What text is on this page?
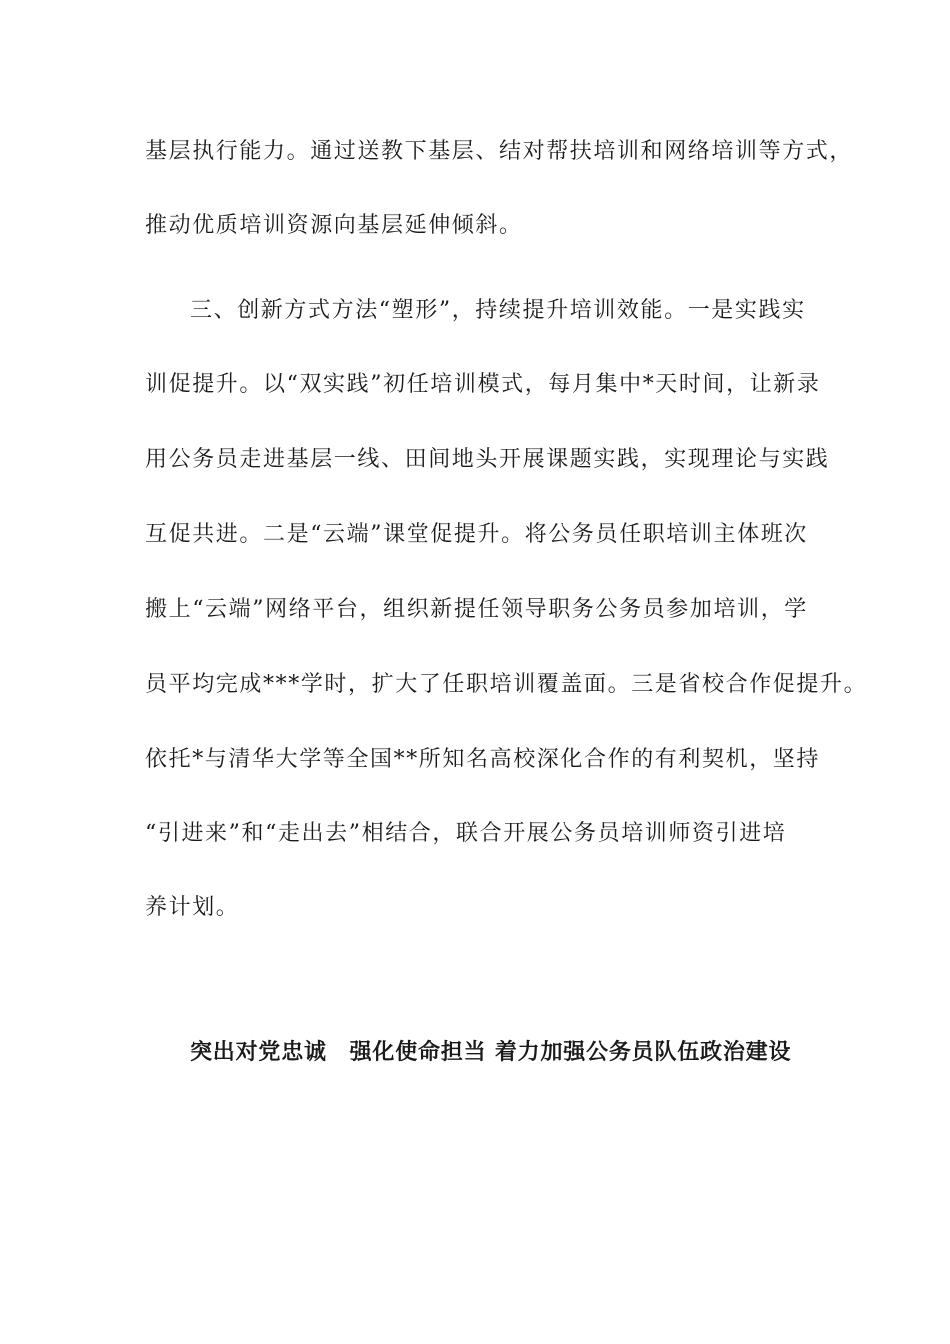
基层执行能力。通过送教下基层、结对帮扶培训和网络培训等方式，
推动优质培训资源向基层延伸倾斜。
三、创新方式方法“塑形”，持续提升培训效能。一是实践实
训促提升。以“双实践”初任培训模式，每月集中*天时间，让新录
用公务员走进基层一线、田间地头开展课题实践，实现理论与实践
互促共进。二是“云端”课堂促提升。将公务员任职培训主体班次
搬上“云端”网络平台，组织新提任领导职务公务员参加培训，学
员平均完成***学时，扩大了任职培训覆盖面。三是省校合作促提升。
依托*与清华大学等全国**所知名高校深化合作的有利契机，坚持
“引进来”和“走出去”相结合，联合开展公务员培训师资引进培
养计划。
突出对党忠诚　强化使命担当 着力加强公务员队伍政治建设
